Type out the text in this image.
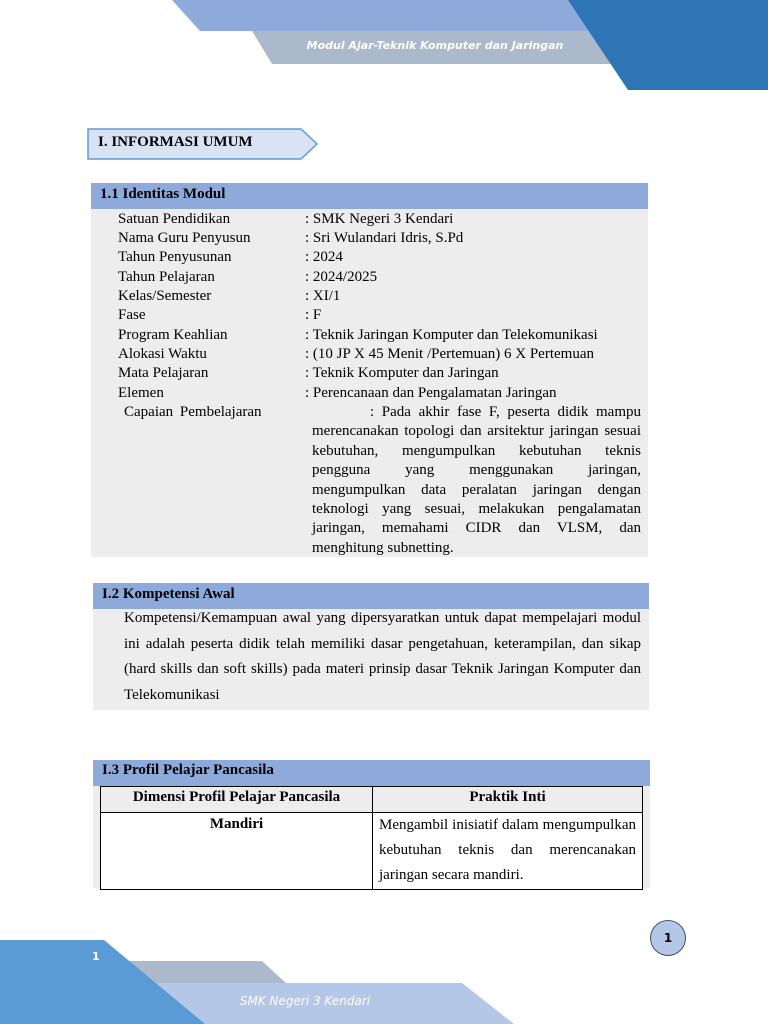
Modul Ajar-Teknik Komputer dan Jaringan
I. INFORMASI UMUM
1.1 Identitas Modul
Satuan Pendidikan	: SMK Negeri 3 Kendari
Nama Guru Penyusun	: Sri Wulandari Idris, S.Pd
Tahun Penyusunan	: 2024
Tahun Pelajaran	: 2024/2025
Kelas/Semester	: XI/1
Fase	: F
Program Keahlian	: Teknik Jaringan Komputer dan Telekomunikasi
Alokasi Waktu	: (10 JP X 45 Menit /Pertemuan) 6 X Pertemuan
Mata Pelajaran	: Teknik Komputer dan Jaringan
Elemen	: Perencanaan dan Pengalamatan Jaringan
Capaian Pembelajaran	: Pada akhir fase F, peserta didik mampu merencanakan topologi dan arsitektur jaringan sesuai kebutuhan, mengumpulkan kebutuhan teknis pengguna yang menggunakan jaringan, mengumpulkan data peralatan jaringan dengan teknologi yang sesuai, melakukan pengalamatan jaringan, memahami CIDR dan VLSM, dan menghitung subnetting.
I.2 Kompetensi Awal
Kompetensi/Kemampuan awal yang dipersyaratkan untuk dapat mempelajari modul ini adalah peserta didik telah memiliki dasar pengetahuan, keterampilan, dan sikap (hard skills dan soft skills) pada materi prinsip dasar Teknik Jaringan Komputer dan Telekomunikasi
I.3 Profil Pelajar Pancasila
Dimensi Profil Pelajar Pancasila	Praktik Inti
Mandiri	Mengambil inisiatif dalam mengumpulkan kebutuhan teknis dan merencanakan jaringan secara mandiri.
1
SMK Negeri 3 Kendari
1
